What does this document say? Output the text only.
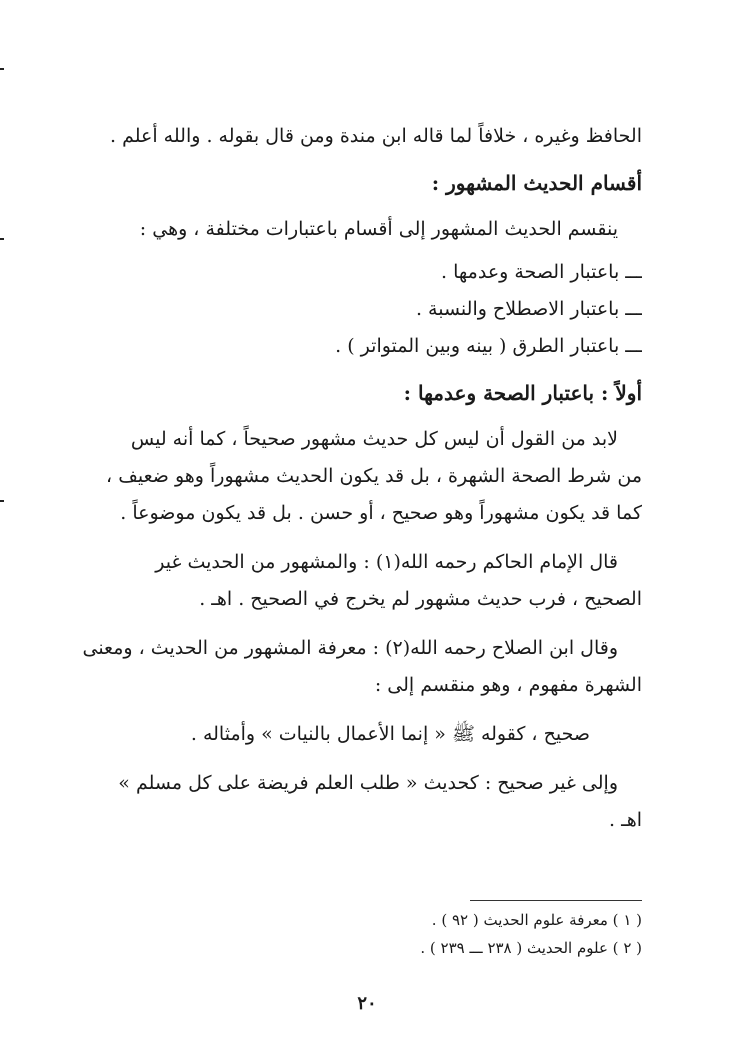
الحافظ وغيره ، خلافاً لما قاله ابن مندة ومن قال بقوله . والله أعلم .
أقسام الحديث المشهور :
ينقسم الحديث المشهور إلى أقسام باعتبارات مختلفة ، وهي :
ـــ باعتبار الصحة وعدمها .
ـــ باعتبار الاصطلاح والنسبة .
ـــ باعتبار الطرق ( بينه وبين المتواتر ) .
أولاً : باعتبار الصحة وعدمها :
لابد من القول أن ليس كل حديث مشهور صحيحاً ، كما أنه ليس
من شرط الصحة الشهرة ، بل قد يكون الحديث مشهوراً وهو ضعيف ،
كما قد يكون مشهوراً وهو صحيح ، أو حسن . بل قد يكون موضوعاً .
قال الإمام الحاكم رحمه الله(١) : والمشهور من الحديث غير
الصحيح ، فرب حديث مشهور لم يخرج في الصحيح . اهـ .
وقال ابن الصلاح رحمه الله(٢) : معرفة المشهور من الحديث ، ومعنى
الشهرة مفهوم ، وهو منقسم إلى :
صحيح ، كقوله ﷺ « إنما الأعمال بالنيات » وأمثاله .
وإلى غير صحيح : كحديث « طلب العلم فريضة على كل مسلم »
اهـ .
( ١ ) معرفة علوم الحديث ( ٩٢ ) .
( ٢ ) علوم الحديث ( ٢٣٨ ـــ ٢٣٩ ) .
٢٠
